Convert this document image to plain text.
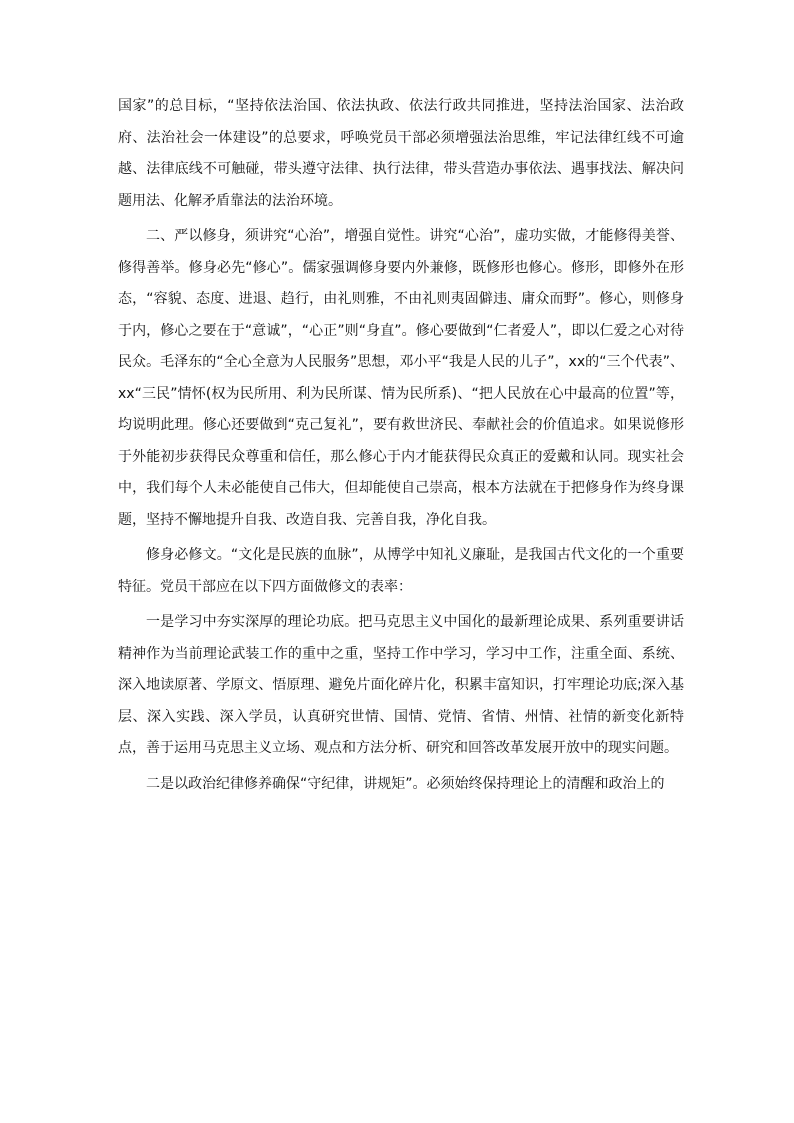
国家”的总目标，“坚持依法治国、依法执政、依法行政共同推进，坚持法治国家、法治政府、法治社会一体建设”的总要求，呼唤党员干部必须增强法治思维，牢记法律红线不可逾越、法律底线不可触碰，带头遵守法律、执行法律，带头营造办事依法、遇事找法、解决问题用法、化解矛盾靠法的法治环境。

二、严以修身，须讲究“心治”，增强自觉性。讲究“心治”，虚功实做，才能修得美誉、修得善举。修身必先“修心”。儒家强调修身要内外兼修，既修形也修心。修形，即修外在形态，“容貌、态度、进退、趋行，由礼则雅，不由礼则夷固僻违、庸众而野”。修心，则修身于内，修心之要在于“意诚”，“心正”则“身直”。修心要做到“仁者爱人”，即以仁爱之心对待民众。毛泽东的“全心全意为人民服务”思想，邓小平“我是人民的儿子”，xx的“三个代表”、xx“三民”情怀(权为民所用、利为民所谋、情为民所系)、“把人民放在心中最高的位置”等，均说明此理。修心还要做到“克己复礼”，要有救世济民、奉献社会的价值追求。如果说修形于外能初步获得民众尊重和信任，那么修心于内才能获得民众真正的爱戴和认同。现实社会中，我们每个人未必能使自己伟大，但却能使自己崇高，根本方法就在于把修身作为终身课题，坚持不懈地提升自我、改造自我、完善自我，净化自我。

修身必修文。“文化是民族的血脉”，从博学中知礼义廉耻，是我国古代文化的一个重要特征。党员干部应在以下四方面做修文的表率：

一是学习中夯实深厚的理论功底。把马克思主义中国化的最新理论成果、系列重要讲话精神作为当前理论武装工作的重中之重，坚持工作中学习，学习中工作，注重全面、系统、深入地读原著、学原文、悟原理、避免片面化碎片化，积累丰富知识，打牢理论功底;深入基层、深入实践、深入学员，认真研究世情、国情、党情、省情、州情、社情的新变化新特点，善于运用马克思主义立场、观点和方法分析、研究和回答改革发展开放中的现实问题。

二是以政治纪律修养确保“守纪律，讲规矩”。必须始终保持理论上的清醒和政治上的
